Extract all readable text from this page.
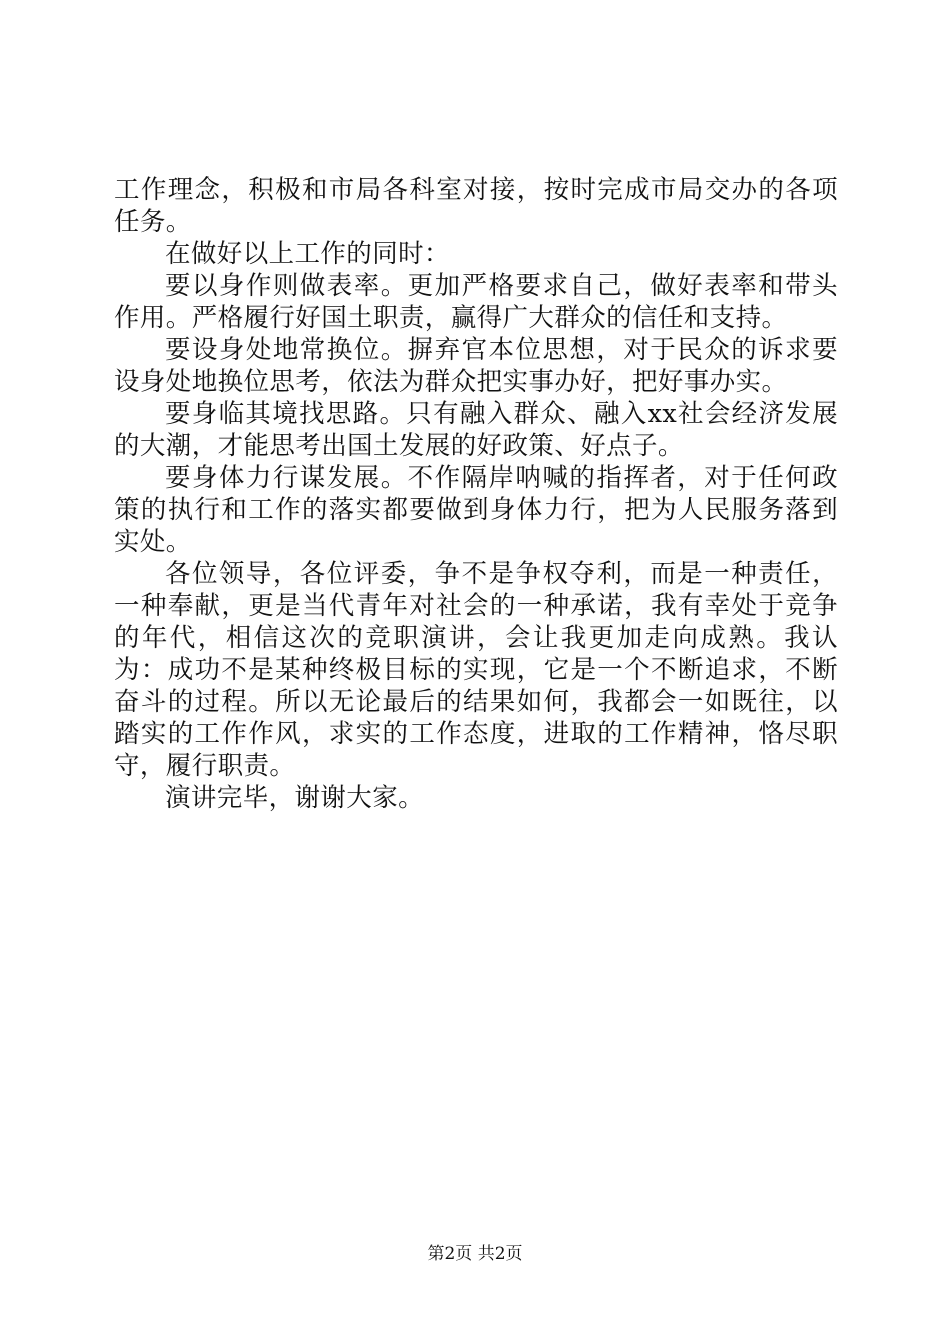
工作理念，积极和市局各科室对接，按时完成市局交办的各项任务。

在做好以上工作的同时：

要以身作则做表率。更加严格要求自己，做好表率和带头作用。严格履行好国土职责，赢得广大群众的信任和支持。

要设身处地常换位。摒弃官本位思想，对于民众的诉求要设身处地换位思考，依法为群众把实事办好，把好事办实。

要身临其境找思路。只有融入群众、融入xx社会经济发展的大潮，才能思考出国土发展的好政策、好点子。

要身体力行谋发展。不作隔岸呐喊的指挥者，对于任何政策的执行和工作的落实都要做到身体力行，把为人民服务落到实处。

各位领导，各位评委，争不是争权夺利，而是一种责任，一种奉献，更是当代青年对社会的一种承诺，我有幸处于竞争的年代，相信这次的竞职演讲，会让我更加走向成熟。我认为：成功不是某种终极目标的实现，它是一个不断追求，不断奋斗的过程。所以无论最后的结果如何，我都会一如既往，以踏实的工作作风，求实的工作态度，进取的工作精神，恪尽职守，履行职责。

演讲完毕，谢谢大家。

第2页 共2页
